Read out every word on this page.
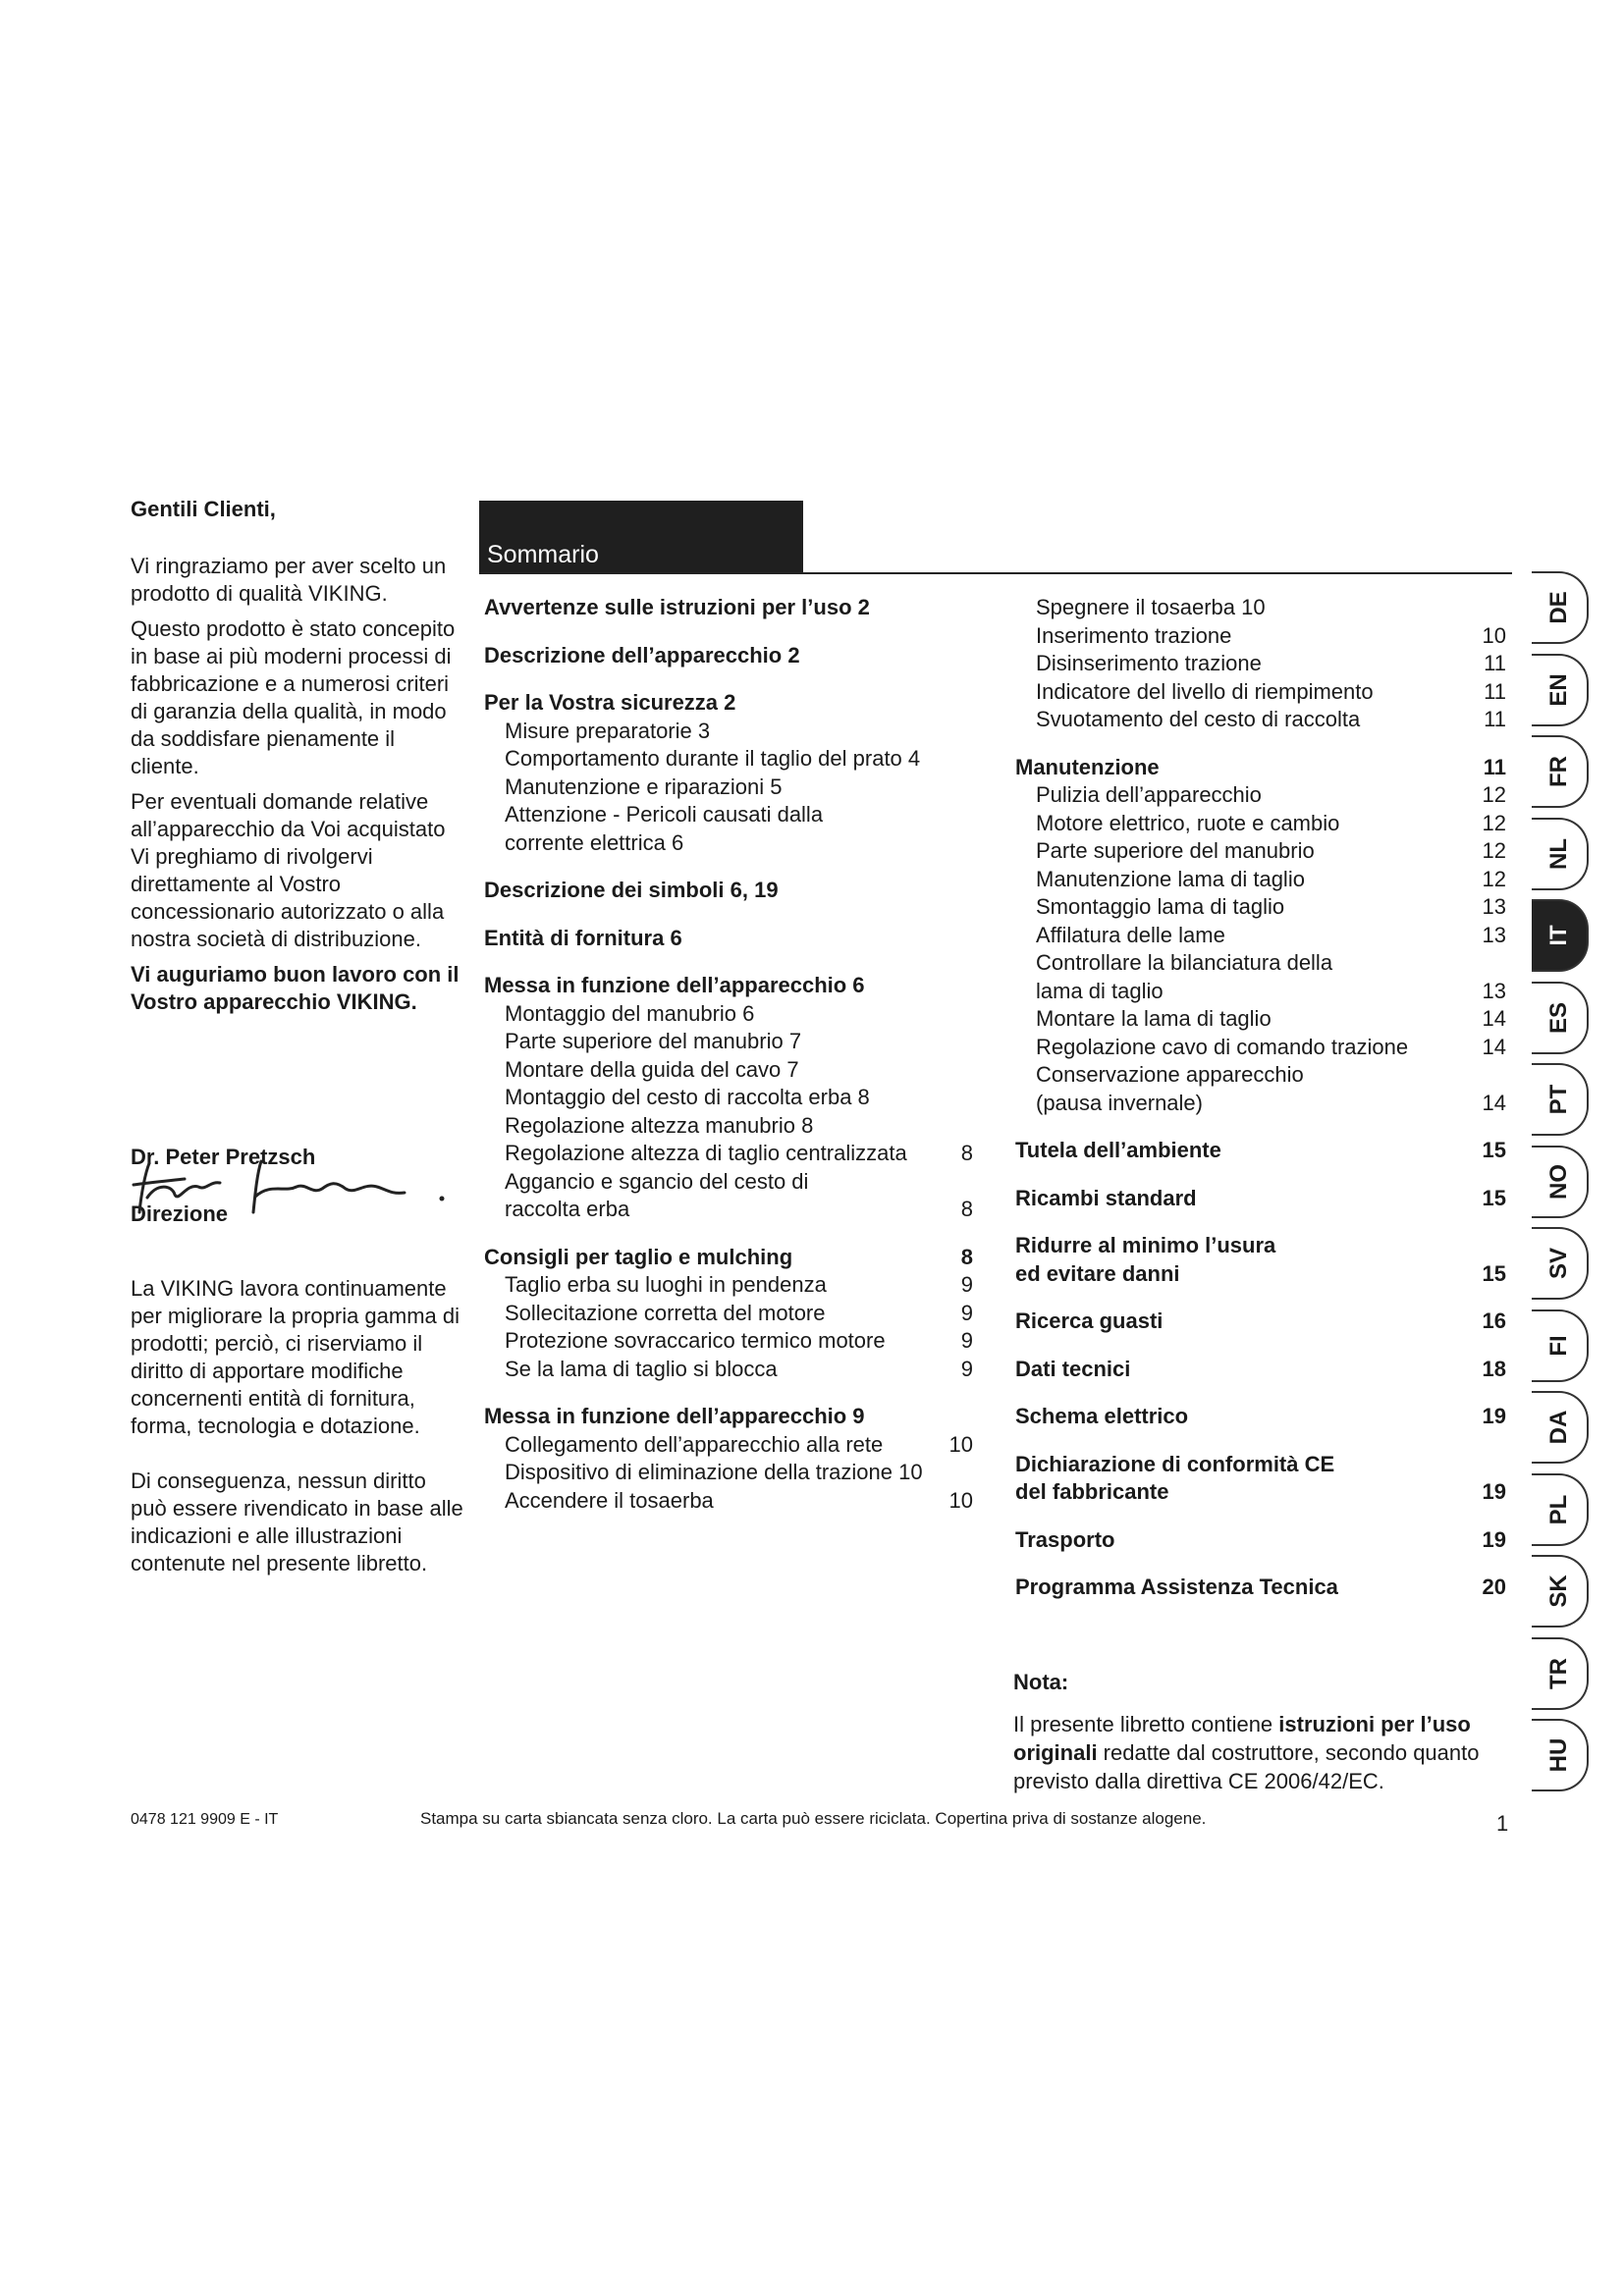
Gentili Clienti,

Vi ringraziamo per aver scelto un prodotto di qualità VIKING.

Questo prodotto è stato concepito in base ai più moderni processi di fabbricazione e a numerosi criteri di garanzia della qualità, in modo da soddisfare pienamente il cliente.

Per eventuali domande relative all’apparecchio da Voi acquistato Vi preghiamo di rivolgervi direttamente al Vostro concessionario autorizzato o alla nostra società di distribuzione.

Vi auguriamo buon lavoro con il Vostro apparecchio VIKING.

Dr. Peter Pretzsch

Direzione

La VIKING lavora continuamente per migliorare la propria gamma di prodotti; perciò, ci riserviamo il diritto di apportare modifiche concernenti entità di fornitura, forma, tecnologia e dotazione.

Di conseguenza, nessun diritto può essere rivendicato in base alle indicazioni e alle illustrazioni contenute nel presente libretto.

Sommario
Avvertenze sulle istruzioni per l’uso 2
Descrizione dell’apparecchio 2
Per la Vostra sicurezza 2
Misure preparatorie 3
Comportamento durante il taglio del prato 4
Manutenzione e riparazioni 5
Attenzione - Pericoli causati dalla
corrente elettrica 6
Descrizione dei simboli 6, 19
Entità di fornitura 6
Messa in funzione dell’apparecchio 6
Montaggio del manubrio 6
Parte superiore del manubrio 7
Montare della guida del cavo 7
Montaggio del cesto di raccolta erba 8
Regolazione altezza manubrio 8
Regolazione altezza di taglio centralizzata	8
Aggancio e sgancio del cesto di
raccolta erba	8
Consigli per taglio e mulching	8
Taglio erba su luoghi in pendenza	9
Sollecitazione corretta del motore	9
Protezione sovraccarico termico motore	9
Se la lama di taglio si blocca	9
Messa in funzione dell’apparecchio 9
Collegamento dell’apparecchio alla rete	10
Dispositivo di eliminazione della trazione 10
Accendere il tosaerba	10
Spegnere il tosaerba 10
Inserimento trazione	10
Disinserimento trazione	11
Indicatore del livello di riempimento	11
Svuotamento del cesto di raccolta	11
Manutenzione	11
Pulizia dell’apparecchio	12
Motore elettrico, ruote e cambio	12
Parte superiore del manubrio	12
Manutenzione lama di taglio	12
Smontaggio lama di taglio	13
Affilatura delle lame	13
Controllare la bilanciatura della
lama di taglio	13
Montare la lama di taglio	14
Regolazione cavo di comando trazione	14
Conservazione apparecchio
(pausa invernale)	14
Tutela dell’ambiente	15
Ricambi standard	15
Ridurre al minimo l’usura
ed evitare danni	15
Ricerca guasti	16
Dati tecnici	18
Schema elettrico	19
Dichiarazione di conformità CE
del fabbricante	19
Trasporto	19
Programma Assistenza Tecnica	20

Nota:

Il presente libretto contiene istruzioni per l’uso originali redatte dal costruttore, secondo quanto previsto dalla direttiva CE 2006/42/EC.

DE
EN
FR
NL
IT
ES
PT
NO
SV
FI
DA
PL
SK
TR
HU
0478 121 9909 E - IT	Stampa su carta sbiancata senza cloro. La carta può essere riciclata. Copertina priva di sostanze alogene.	1
